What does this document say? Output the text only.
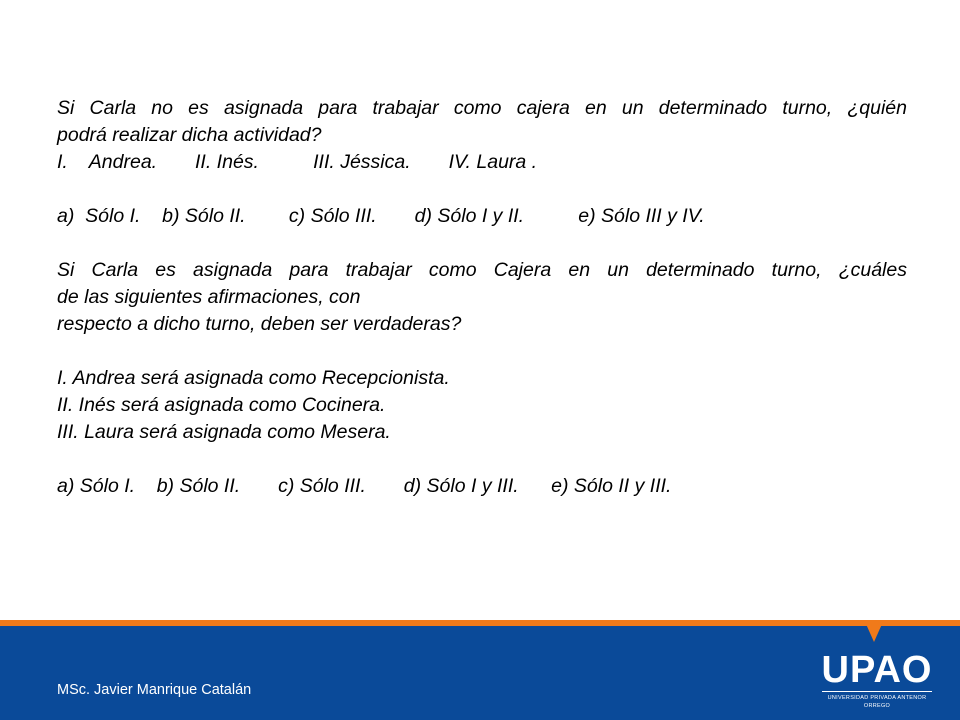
Si Carla no es asignada para trabajar como cajera en un determinado turno, ¿quién
podrá realizar dicha actividad?
I.    Andrea.       II. Inés.          III. Jéssica.       IV. Laura .
a)  Sólo I.    b) Sólo II.        c) Sólo III.       d) Sólo I y II.          e) Sólo III y IV.
Si Carla es asignada para trabajar como Cajera en un determinado turno, ¿cuáles
de las siguientes afirmaciones, con
respecto a dicho turno, deben ser verdaderas?
I. Andrea será asignada como Recepcionista.
II. Inés será asignada como Cocinera.
III. Laura será asignada como Mesera.
a) Sólo I.    b) Sólo II.       c) Sólo III.       d) Sólo I y III.      e) Sólo II y III.
MSc. Javier Manrique Catalán	UPAO
UNIVERSIDAD PRIVADA ANTENOR ORREGO
